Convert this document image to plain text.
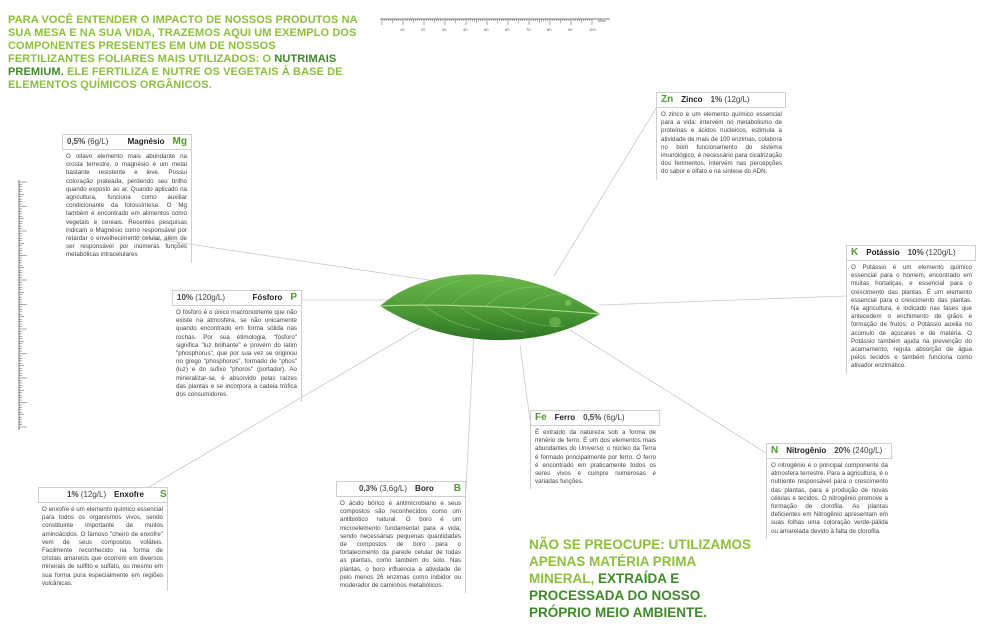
10	20	30	40	50	60	70	80	90	100
Mms
PARA VOCÊ ENTENDER O IMPACTO DE NOSSOS PRODUTOS NA SUA MESA E NA SUA VIDA, TRAZEMOS AQUI UM EXEMPLO DOS COMPONENTES PRESENTES EM UM DE NOSSOS FERTILIZANTES FOLIARES MAIS UTILIZADOS: O NUTRIMAIS PREMIUM. ELE FERTILIZA E NUTRE OS VEGETAIS À BASE DE ELEMENTOS QUÍMICOS ORGÂNICOS.
0,5% (6g/L)	Magnésio Mg
O oitavo elemento mais abundante na crosta terrestre, o magnésio é um metal bastante resistente e leve. Possui coloração prateada, perdendo seu brilho quando exposto ao ar. Quando aplicado na agricultura, funciona como auxiliar condicionante da fotossíntese. O Mg também é encontrado em alimentos como vegetais e cereais. Recentes pesquisas indicam o Magnésio como responsável por retardar o envelhecimento celular, além de ser responsável por inúmeras funções metabólicas intracelulares
10% (120g/L)	Fósforo P
O fósforo é o único macronutriente que não existe na atmosfera, se não unicamente quando encontrado em forma sólida nas rochas. Por sua etimologia, "fósforo" significa "luz brilhante" e provém do latim "phosphorus", que por sua vez se originou no grego "phosphoros", formado de "phos" (luz) e do sufixo "phoros" (portador). Ao mineralizar-se, é absorvido pelas raízes das plantas e se incorpora a cadeia trófica dos consumidores.
1% (12g/L)	Enxofre	S
O enxofre é um elemento químico essencial para todos os organismos vivos, sendo constituinte importante de muitos aminoácidos. O famoso "cheiro de enxofre" vem de seus compostos voláteis. Facilmente reconhecido na forma de cristais amarelos que ocorrem em diversos minerais de sulfito e sulfato, ou mesmo em sua forma pura especialmente em regiões vulcânicas.
0,3% (3,6g/L)	Boro	B
O ácido bórico é antimicrobiano e seus compostos são reconhecidos como um antibiótico natural. O boro é um microelemento fundamental para a vida, sendo necessárias pequenas quantidades de compostos de boro para o fortalecimento da parede celular de todas as plantas, como também do solo. Nas plantas, o boro influencia a atividade de pelo menos 26 enzimas como inibidor ou moderador de caminhos metabólicos.
Fe	Ferro	0,5% (6g/L)
É extraído da natureza sob a forma de minério de ferro. É um dos elementos mais abundantes do Universo; o núcleo da Terra é formado principalmente por ferro. O ferro é encontrado em praticamente todos os seres vivos e cumpre numerosas e variadas funções.
N	Nitrogênio	20% (240g/L)
O nitrogênio é o principal componente da atmosfera terrestre. Para a agricultura, é o nutriente responsável para o crescimento das plantas, para a produção de novas células e tecidos. O nitrogênio promove a formação de clorofila. As plantas deficientes em Nitrogênio apresentam em suas folhas uma coloração verde-pálida ou amarelada devido à falta de clorofila.
K	Potássio	10% (120g/L)
O Potássio é um elemento químico essencial para o homem, encontrado em muitas hortaliças, e essencial para o crescimento das plantas. É um elemento essencial para o crescimento das plantas. Na agricultura, é indicado nas fases que antecedem o enchimento de grãos e formação de frutos; o Potássio auxilia no acúmulo de açúcares e de matéria. O Potássio também ajuda na prevenção do acamamento, regula absorção de água pelos tecidos e também funciona como ativador enzimático.
Zn	Zinco	1% (12g/L)
O zinco é um elemento químico essencial para a vida: intervém no metabolismo de proteínas e ácidos nucleicos, estimula a atividade de mais de 100 enzimas, colabora no bom funcionamento do sistema imunológico, é necessário para cicatrização dos ferimentos, intervém nas percepções do sabor e olfato e na síntese do ADN.
NÃO SE PREOCUPE: UTILIZAMOS APENAS MATÉRIA PRIMA MINERAL, EXTRAÍDA E PROCESSADA DO NOSSO PRÓPRIO MEIO AMBIENTE.
